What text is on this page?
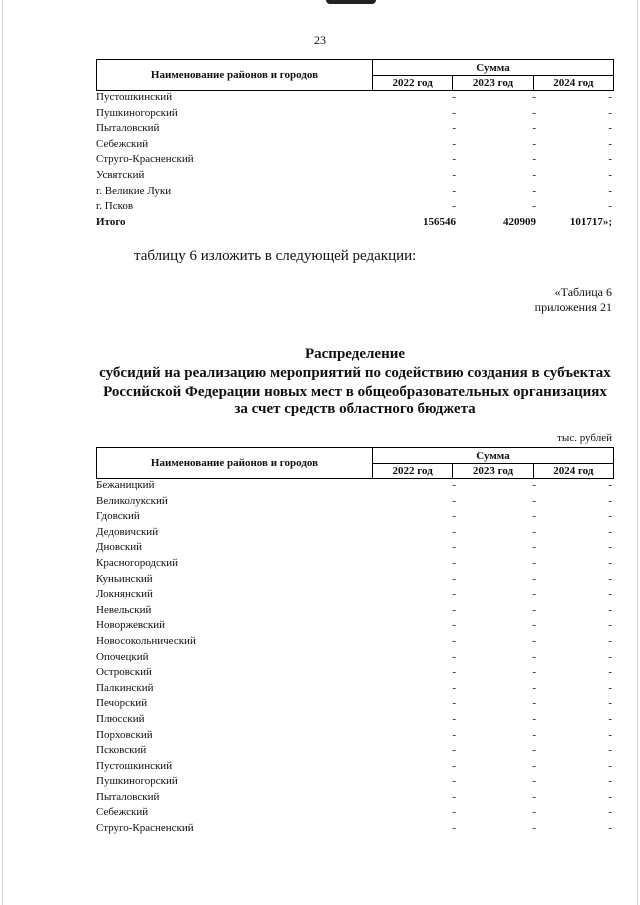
23
Наименование районов и городов
Сумма
2022 год	2023 год	2024 год
Пустошкинский	-	-	-
Пушкиногорский	-	-	-
Пыталовский	-	-	-
Себежский	-	-	-
Струго-Красненский	-	-	-
Усвятский	-	-	-
г. Великие Луки	-	-	-
г. Псков	-	-	-
Итого	156546	420909	101717»;
таблицу 6 изложить в следующей редакции:
«Таблица 6
приложения 21
Распределение
субсидий на реализацию мероприятий по содействию создания в субъектах
Российской Федерации новых мест в общеобразовательных организациях
за счет средств областного бюджета
тыс. рублей
Наименование районов и городов
Сумма
2022 год	2023 год	2024 год
Бежаницкий	-	-	-
Великолукский	-	-	-
Гдовский	-	-	-
Дедовичский	-	-	-
Дновский	-	-	-
Красногородский	-	-	-
Куньинский	-	-	-
Локнянский	-	-	-
Невельский	-	-	-
Новоржевский	-	-	-
Новосокольнический	-	-	-
Опочецкий	-	-	-
Островский	-	-	-
Палкинский	-	-	-
Печорский	-	-	-
Плюсский	-	-	-
Порховский	-	-	-
Псковский	-	-	-
Пустошкинский	-	-	-
Пушкиногорский	-	-	-
Пыталовский	-	-	-
Себежский	-	-	-
Струго-Красненский	-	-	-
